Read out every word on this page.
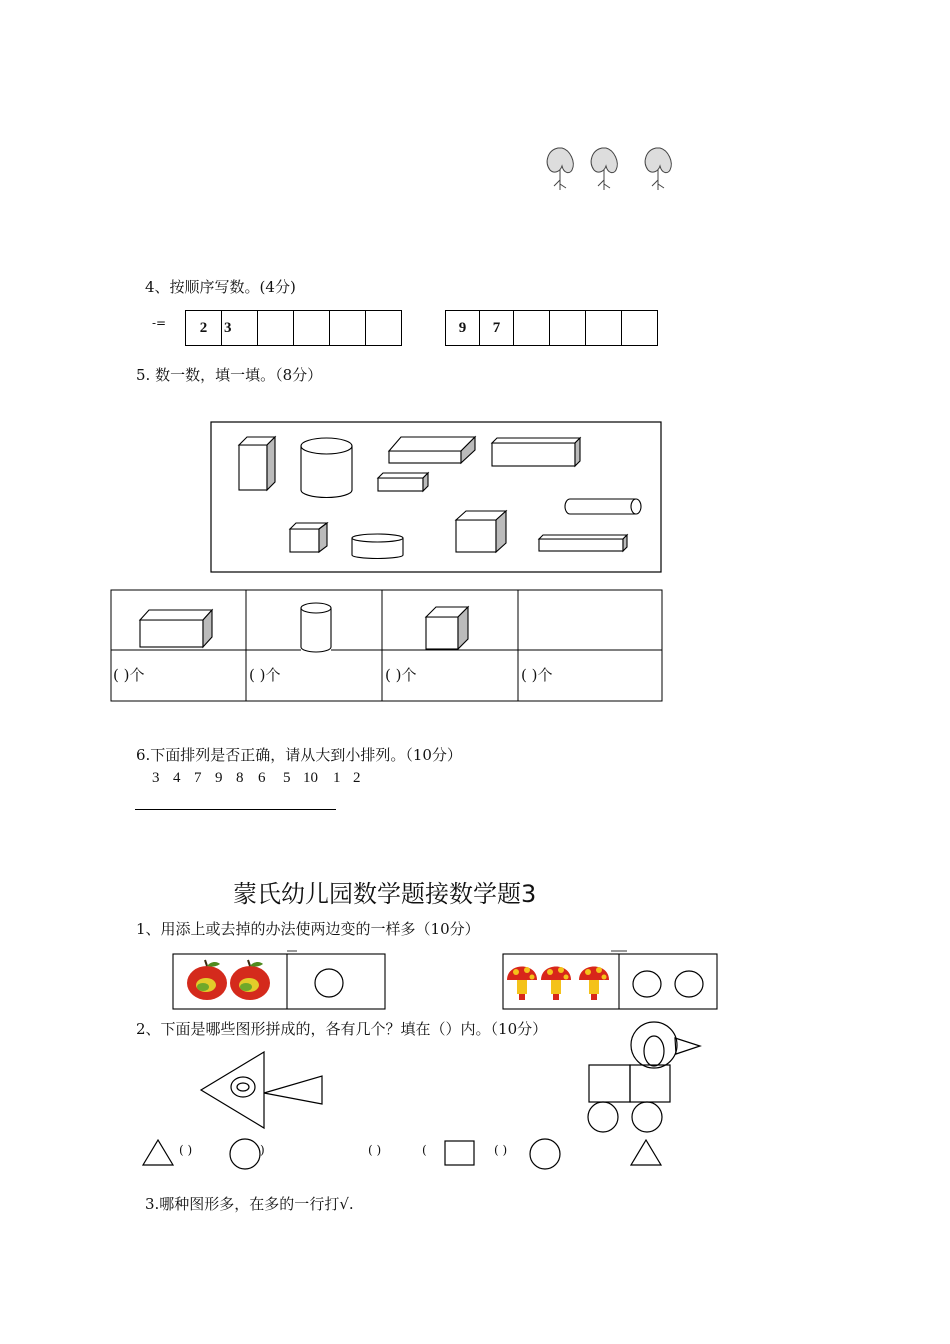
4、按顺序写数。(4分)
-=	2	3	9	7
5. 数一数，填一填。（8分）
( )个	( )个	( )个	( )个
6.下面排列是否正确，请从大到小排列。（10分）
3 4 7 9 8 6	5 10	1 2
蒙氏幼儿园数学题接数学题3
1、用添上或去掉的办法使两边变的一样多（10分）
2、下面是哪些图形拼成的，各有几个？填在（）内。（10分）
( )	)	( )	(	( )
3.哪种图形多，在多的一行打√.
